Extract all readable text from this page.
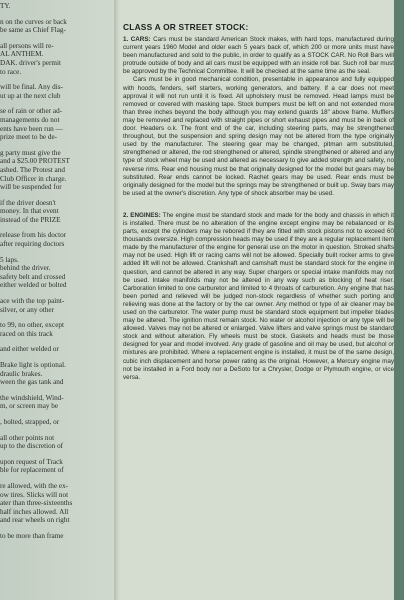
TY.

n on the curves or back
be same as Chief Flag-

all persons will re-
AL ANTHEM.
DAK. driver's permit
to race.

will be final. Any dis-
ut up at the next club

se of rain or other ad-
managements do not
ents have been run —
prize meet to be de-

g party must give the
and a $25.00 PROTEST
ashed. The Protest and
Club Officer in charge.
will be suspended for

if the driver doesn't
money. In that event
instead of the PRIZE

release from his doctor
after requiring doctors

5 laps.
behind the driver.
safety belt and crossed
either welded or bolted

ace with the top paint-
silver, or any other

to 99, no other, except
raced on this track

and either welded or

Brake light is optional.
draulic brakes.
ween the gas tank and

the windshield, Wind-
m, or screen may be

, bolted, strapped, or

all other points not
up to the discretion of

upon request of Track
ble for replacement of

re allowed, with the ex-
ow tires. Slicks will not
ater than three-sixteenths
half inches allowed. All
and rear wheels on right

to be more than frame

CLASS A OR STREET STOCK:

1. CARS: Cars must be standard American Stock makes, with hard tops, manufactured during current years 1960 Model and older each 5 years back of, which 200 or more units must have been manufactured and sold to the public, in order to qualify as a STOCK CAR. No Roll Bars will protrude outside of body and all cars must be equipped with an inside roll bar. Such roll bar must be approved by the Technical Committee. It will be checked at the same time as the seal.

Cars must be in good mechanical condition, presentable in appearance and fully equipped with hoods, fenders, self starters, working generators, and battery. If a car does not meet approval it will not run until it is fixed. All upholstery must be removed. Head lamps must be removed or covered with masking tape. Stock bumpers must be left on and not extended more than three inches beyond the body although you may extend guards 18" above frame. Mufflers may be removed and replaced with straight pipes or short exhaust pipes and must be in back of door. Headers o.k. The front end of the car, including steering parts, may be strengthened throughout, but the suspension and spring design may not be altered from the type originally used by the manufacturer. The steering gear may be changed, pitman arm substituted, strengthened or altered, the rod strengthened or altered, spindle strengthened or altered and any type of stock wheel may be used and altered as necessary to give added strength and safety, no reverse rims. Rear end housing must be that originally designed for the model but gears may be substituted. Rear ends cannot be locked. Rachet gears may be used. Rear ends must be originally designed for the model but the springs may be strengthened or built up. Sway bars may be used at the owner's discretion. Any type of shock absorber may be used.

2. ENGINES: The engine must be standard stock and made for the body and chassis in which it is installed. There must be no alteration of the engine except engine may be rebalanced or its parts, except the cylinders may be rebored if they are fitted with stock pistons not to exceed 60 thousands oversize. High compression heads may be used if they are a regular replacement item made by the manufacturer of the engine for general use on the motor in question. Stroked shafts may not be used. High lift or racing cams will not be allowed. Specially built rocker arms to give added lift will not be allowed. Crankshaft and camshaft must be standard stock for the engine in question, and cannot be altered in any way. Super chargers or special intake manifolds may not be used. Intake manifolds may not be altered in any way such as blocking of heat riser. Carboration limited to one carburetor and limited to 4 throats of carburetion. Any engine that has been ported and relieved will be judged non-stock regardless of whether such porting and relieving was done at the factory or by the car owner. Any method or type of air cleaner may be used on the carburetor. The water pump must be standard stock equipment but impeller blades may be altered. The ignition must remain stock. No water or alcohol injection or any type will be allowed. Valves may not be altered or enlarged. Valve lifters and valve springs must be standard stock and without alteration. Fly wheels must be stock. Gaskets and heads must be those designed for year and model involved. Any grade of gasoline and oil may be used, but alcohol or mixtures are prohibited. Where a replacement engine is installed, it must be of the same design, cubic inch displacement and horse power rating as the original. However, a Mercury engine may not be installed in a Ford body nor a DeSoto for a Chrysler, Dodge or Plymouth engine, or vice versa.
